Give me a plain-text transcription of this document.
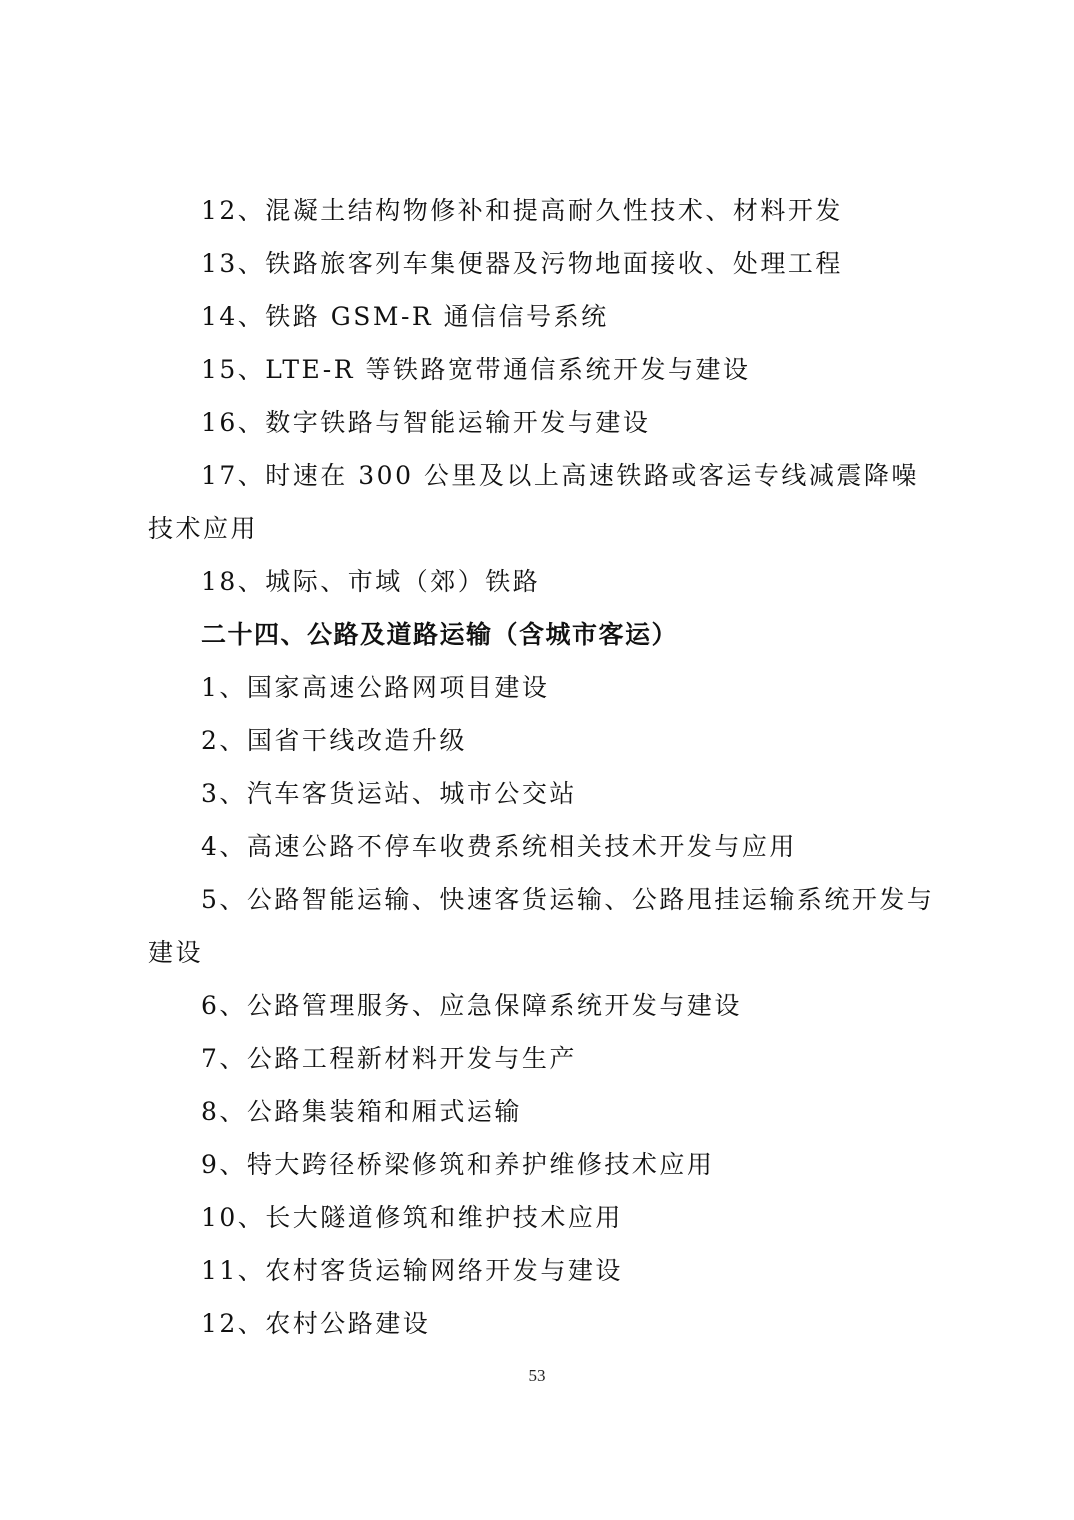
12、混凝土结构物修补和提高耐久性技术、材料开发

13、铁路旅客列车集便器及污物地面接收、处理工程

14、铁路 GSM-R 通信信号系统

15、LTE-R 等铁路宽带通信系统开发与建设

16、数字铁路与智能运输开发与建设

17、时速在 300 公里及以上高速铁路或客运专线减震降噪技术应用

18、城际、市域（郊）铁路

二十四、公路及道路运输（含城市客运）

1、国家高速公路网项目建设

2、国省干线改造升级

3、汽车客货运站、城市公交站

4、高速公路不停车收费系统相关技术开发与应用

5、公路智能运输、快速客货运输、公路甩挂运输系统开发与建设

6、公路管理服务、应急保障系统开发与建设

7、公路工程新材料开发与生产

8、公路集装箱和厢式运输

9、特大跨径桥梁修筑和养护维修技术应用

10、长大隧道修筑和维护技术应用

11、农村客货运输网络开发与建设

12、农村公路建设

53
